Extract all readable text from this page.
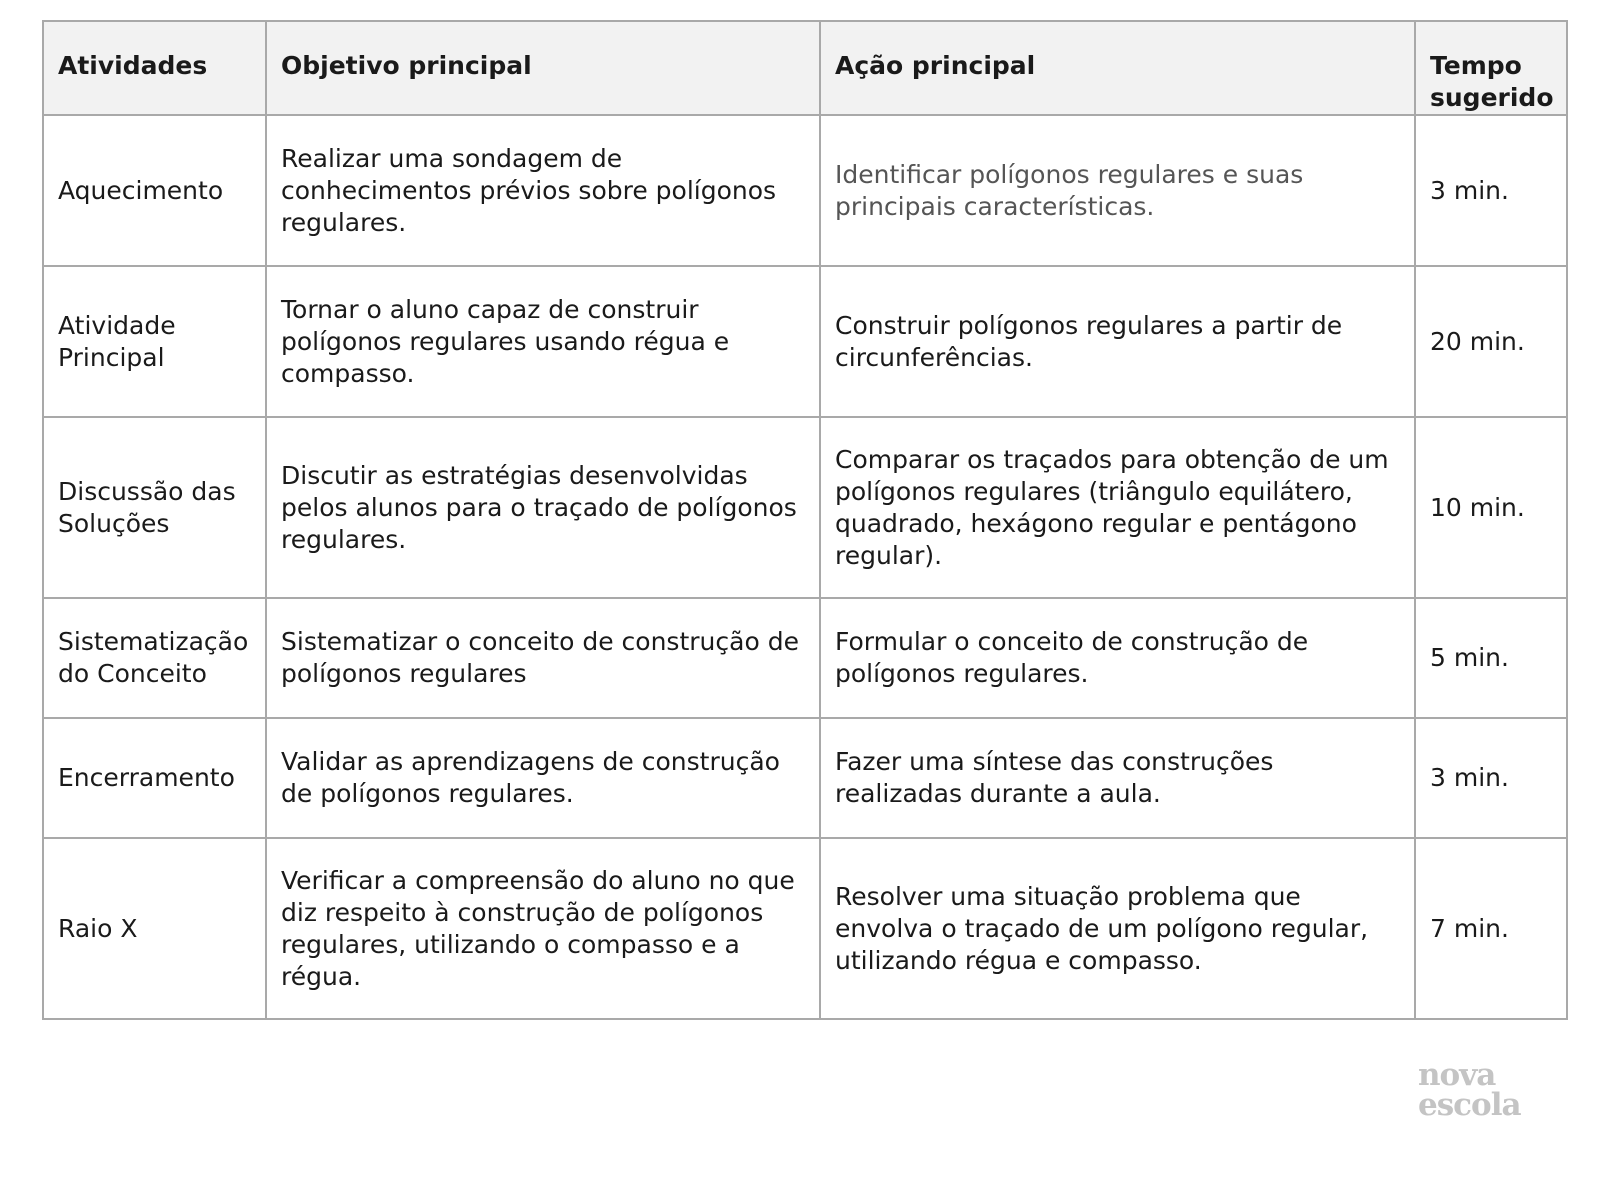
Atividades	Objetivo principal	Ação principal	Tempo sugerido
Aquecimento	Realizar uma sondagem de conhecimentos prévios sobre polígonos regulares.	Identificar polígonos regulares e suas principais características.	3 min.
Atividade Principal	Tornar o aluno capaz de construir polígonos regulares usando régua e compasso.	Construir polígonos regulares a partir de circunferências.	20 min.
Discussão das Soluções	Discutir as estratégias desenvolvidas pelos alunos para o traçado de polígonos regulares.	Comparar os traçados para obtenção de um polígonos regulares (triângulo equilátero, quadrado, hexágono regular e pentágono regular).	10 min.
Sistematização do Conceito	Sistematizar o conceito de construção de polígonos regulares	Formular o conceito de construção de polígonos regulares.	5 min.
Encerramento	Validar as aprendizagens de construção de polígonos regulares.	Fazer uma síntese das construções realizadas durante a aula.	3 min.
Raio X	Verificar a compreensão do aluno no que diz respeito à construção de polígonos regulares, utilizando o compasso e a régua.	Resolver uma situação problema que envolva o traçado de um polígono regular, utilizando régua e compasso.	7 min.
nova
escola
